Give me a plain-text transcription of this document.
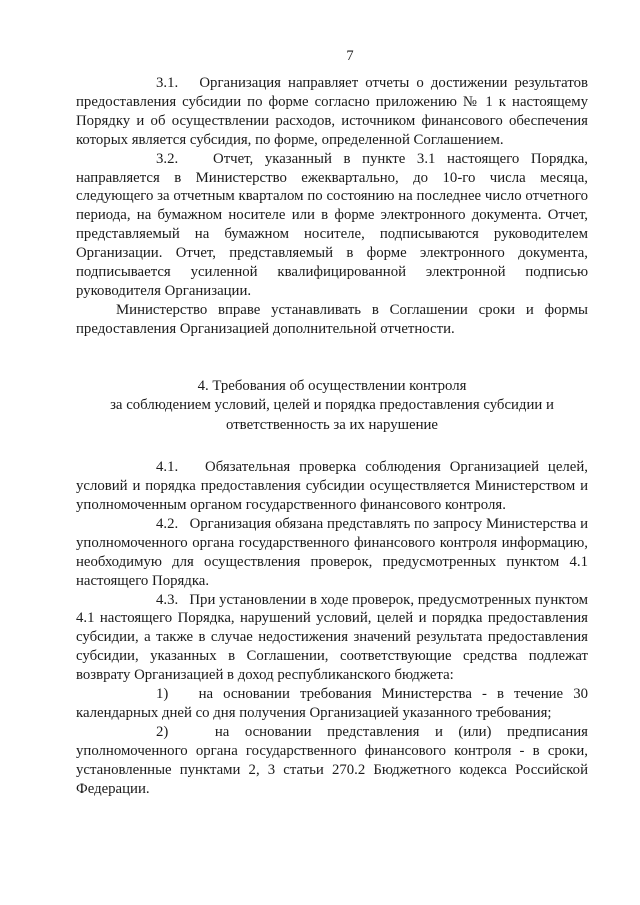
7

3.1. Организация направляет отчеты о достижении результатов предоставления субсидии по форме согласно приложению № 1 к настоящему Порядку и об осуществлении расходов, источником финансового обеспечения которых является субсидия, по форме, определенной Соглашением.

3.2. Отчет, указанный в пункте 3.1 настоящего Порядка, направляется в Министерство ежеквартально, до 10-го числа месяца, следующего за отчетным кварталом по состоянию на последнее число отчетного периода, на бумажном носителе или в форме электронного документа. Отчет, представляемый на бумажном носителе, подписываются руководителем Организации. Отчет, представляемый в форме электронного документа, подписывается усиленной квалифицированной электронной подписью руководителя Организации.

Министерство вправе устанавливать в Соглашении сроки и формы предоставления Организацией дополнительной отчетности.

4. Требования об осуществлении контроля

за соблюдением условий, целей и порядка предоставления субсидии и

ответственность за их нарушение

4.1. Обязательная проверка соблюдения Организацией целей, условий и порядка предоставления субсидии осуществляется Министерством и уполномоченным органом государственного финансового контроля.

4.2. Организация обязана представлять по запросу Министерства и уполномоченного органа государственного финансового контроля информацию, необходимую для осуществления проверок, предусмотренных пунктом 4.1 настоящего Порядка.

4.3. При установлении в ходе проверок, предусмотренных пунктом 4.1 настоящего Порядка, нарушений условий, целей и порядка предоставления субсидии, а также в случае недостижения значений результата предоставления субсидии, указанных в Соглашении, соответствующие средства подлежат возврату Организацией в доход республиканского бюджета:

1) на основании требования Министерства - в течение 30 календарных дней со дня получения Организацией указанного требования;

2)	на основании представления и (или) предписания уполномоченного органа государственного финансового контроля - в сроки, установленные пунктами 2, 3 статьи 270.2 Бюджетного кодекса Российской Федерации.
